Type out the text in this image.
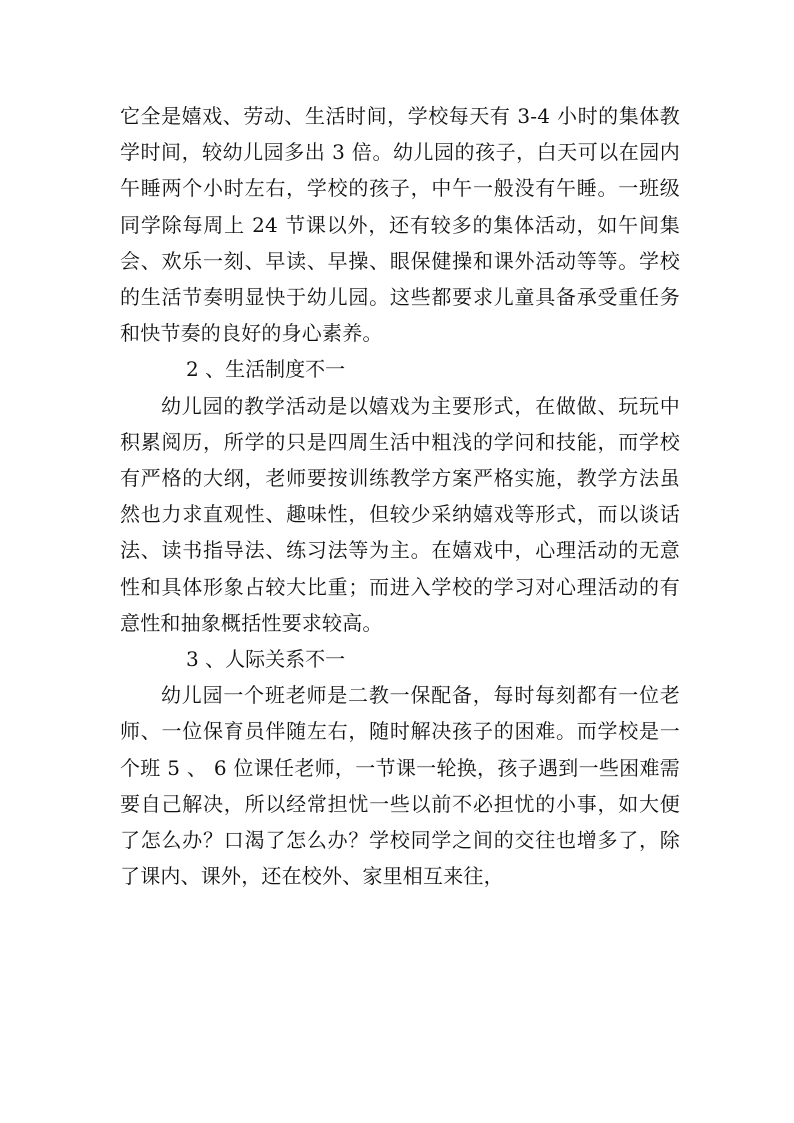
它全是嬉戏、劳动、生活时间，学校每天有 3-4 小时的集体教学时间，较幼儿园多出 3 倍。幼儿园的孩子，白天可以在园内午睡两个小时左右，学校的孩子，中午一般没有午睡。一班级同学除每周上 24 节课以外，还有较多的集体活动，如午间集会、欢乐一刻、早读、早操、眼保健操和课外活动等等。学校的生活节奏明显快于幼儿园。这些都要求儿童具备承受重任务和快节奏的良好的身心素养。

2 、生活制度不一

幼儿园的教学活动是以嬉戏为主要形式，在做做、玩玩中积累阅历，所学的只是四周生活中粗浅的学问和技能，而学校有严格的大纲，老师要按训练教学方案严格实施，教学方法虽然也力求直观性、趣味性，但较少采纳嬉戏等形式，而以谈话法、读书指导法、练习法等为主。在嬉戏中，心理活动的无意性和具体形象占较大比重；而进入学校的学习对心理活动的有意性和抽象概括性要求较高。

3 、人际关系不一

幼儿园一个班老师是二教一保配备，每时每刻都有一位老师、一位保育员伴随左右，随时解决孩子的困难。而学校是一个班 5 、 6 位课任老师，一节课一轮换，孩子遇到一些困难需要自己解决，所以经常担忧一些以前不必担忧的小事，如大便了怎么办？口渴了怎么办？学校同学之间的交往也增多了，除了课内、课外，还在校外、家里相互来往，
